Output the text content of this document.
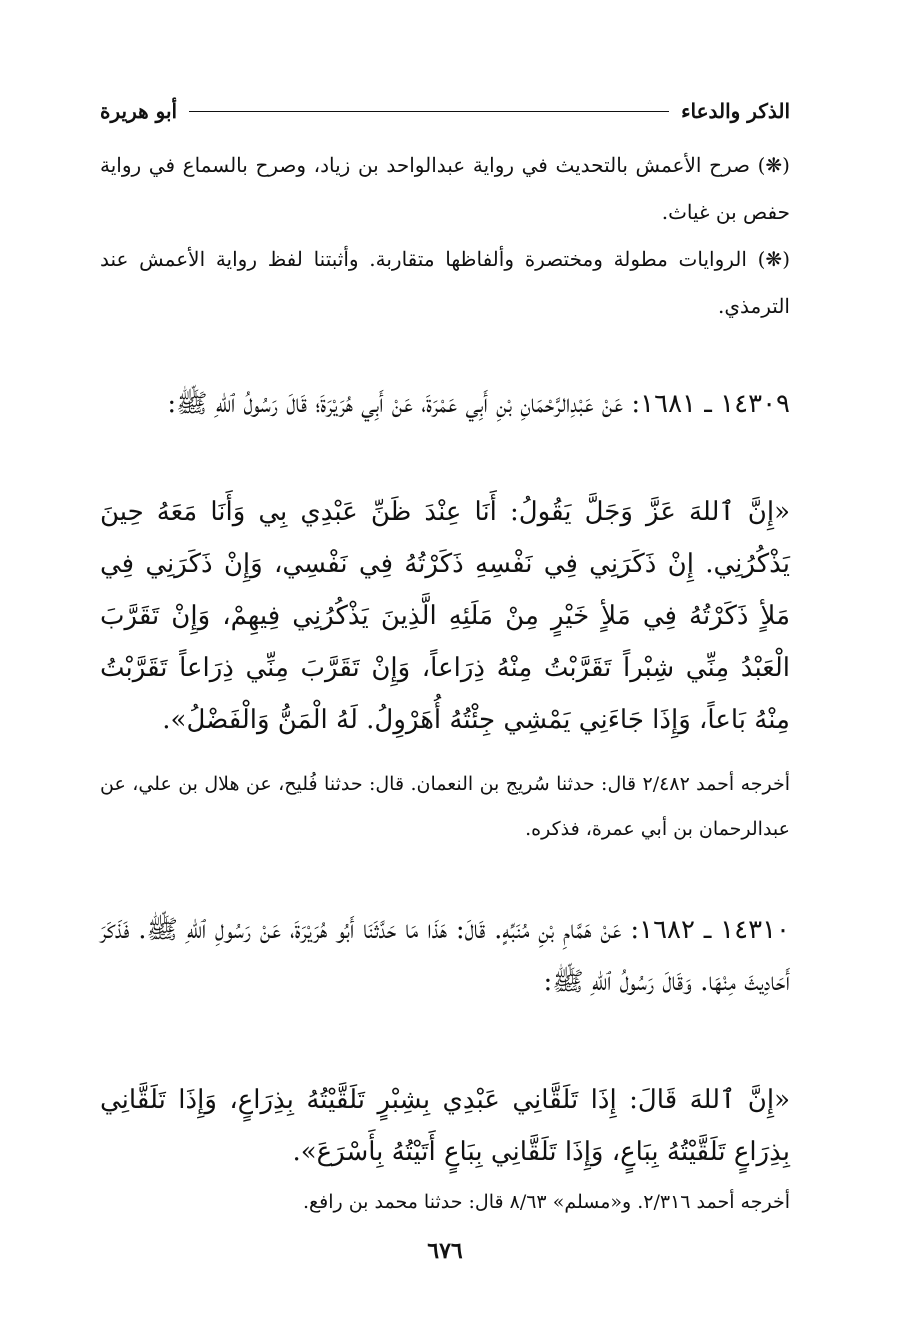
الذكر والدعاء
أبو هريرة

(❋) صرح الأعمش بالتحديث في رواية عبدالواحد بن زياد، وصرح بالسماع في رواية حفص بن غياث.

(❋) الروايات مطولة ومختصرة وألفاظها متقاربة. وأثبتنا لفظ رواية الأعمش عند الترمذي.

١٤٣٠٩ ـ ١٦٨١: عَنْ عَبْدِالرَّحْمَانِ بْنِ أَبِي عَمْرَةَ، عَنْ أَبِي هُرَيْرَةَ؛ قَالَ رَسُولُ ٱللهِ ﷺ:

«إِنَّ ٱللهَ عَزَّ وَجَلَّ يَقُولُ: أَنَا عِنْدَ ظَنِّ عَبْدِي بِي وَأَنَا مَعَهُ حِينَ يَذْكُرُنِي. إِنْ ذَكَرَنِي فِي نَفْسِهِ ذَكَرْتُهُ فِي نَفْسِي، وَإِنْ ذَكَرَنِي فِي مَلأٍ ذَكَرْتُهُ فِي مَلأٍ خَيْرٍ مِنْ مَلَئِهِ الَّذِينَ يَذْكُرُنِي فِيهِمْ، وَإِنْ تَقَرَّبَ الْعَبْدُ مِنِّي شِبْراً تَقَرَّبْتُ مِنْهُ ذِرَاعاً، وَإِنْ تَقَرَّبَ مِنِّي ذِرَاعاً تَقَرَّبْتُ مِنْهُ بَاعاً، وَإِذَا جَاءَنِي يَمْشِي جِئْتُهُ أُهَرْوِلُ. لَهُ الْمَنُّ وَالْفَضْلُ».

أخرجه أحمد ٢/٤٨٢ قال: حدثنا سُريج بن النعمان. قال: حدثنا فُليح، عن هلال بن علي، عن عبدالرحمان بن أبي عمرة، فذكره.

١٤٣١٠ ـ ١٦٨٢: عَنْ هَمَّامِ بْنِ مُنَبِّهٍ. قَالَ: هَذَا مَا حَدَّثَنَا أَبُو هُرَيْرَةَ، عَنْ رَسُولِ ٱللهِ ﷺ. فَذَكَرَ أَحَادِيثَ مِنْهَا. وَقَالَ رَسُولُ ٱللهِ ﷺ:

«إِنَّ ٱللهَ قَالَ: إِذَا تَلَقَّانِي عَبْدِي بِشِبْرٍ تَلَقَّيْتُهُ بِذِرَاعٍ، وَإِذَا تَلَقَّانِي بِذِرَاعٍ تَلَقَّيْتُهُ بِبَاعٍ، وَإِذَا تَلَقَّانِي بِبَاعٍ أَتَيْتُهُ بِأَسْرَعَ».

أخرجه أحمد ٢/٣١٦. و«مسلم» ٨/٦٣ قال: حدثنا محمد بن رافع.

٦٧٦
